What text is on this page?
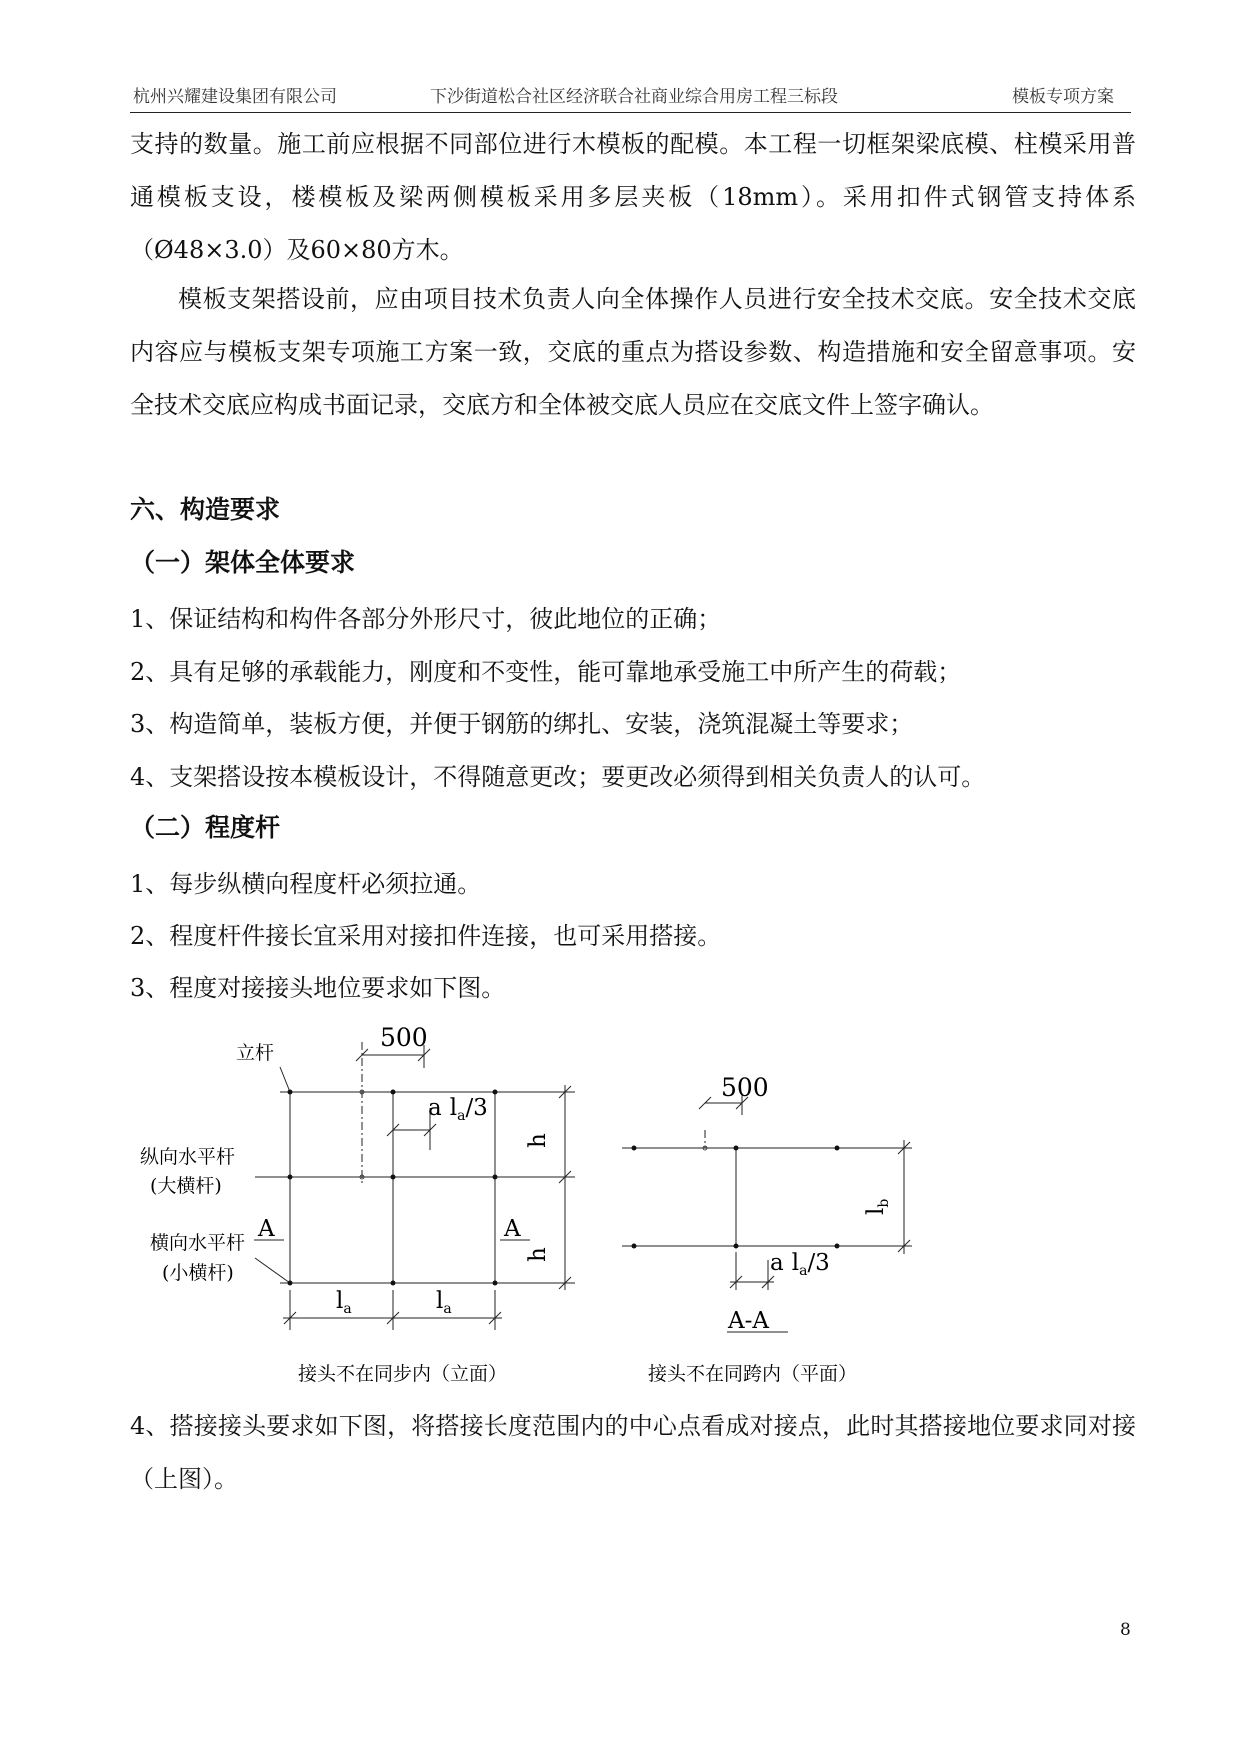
杭州兴耀建设集团有限公司	下沙街道松合社区经济联合社商业综合用房工程三标段	模板专项方案

支持的数量。施工前应根据不同部位进行木模板的配模。本工程一切框架梁底模、柱模采用普通模板支设，楼模板及梁两侧模板采用多层夹板（18mm）。采用扣件式钢管支持体系（Ø48×3.0）及60×80方木。

模板支架搭设前，应由项目技术负责人向全体操作人员进行安全技术交底。安全技术交底内容应与模板支架专项施工方案一致，交底的重点为搭设参数、构造措施和安全留意事项。安全技术交底应构成书面记录，交底方和全体被交底人员应在交底文件上签字确认。

六、构造要求
（一）架体全体要求
1、保证结构和构件各部分外形尺寸，彼此地位的正确；
2、具有足够的承载能力，刚度和不变性，能可靠地承受施工中所产生的荷载；
3、构造简单，装板方便，并便于钢筋的绑扎、安装，浇筑混凝土等要求；
4、支架搭设按本模板设计，不得随意更改；要更改必须得到相关负责人的认可。
（二）程度杆
1、每步纵横向程度杆必须拉通。
2、程度杆件接长宜采用对接扣件连接，也可采用搭接。
3、程度对接接头地位要求如下图。
立杆
纵向水平杆
(大横杆)
横向水平杆
(小横杆)
500
a $l_a/3$
h
h
$l_a$	$l_a$
A	A
接头不在同步内（立面）
500
$l_b$
a $l_a/3$
A-A
接头不在同跨内（平面）

4、搭接接头要求如下图，将搭接长度范围内的中心点看成对接点，此时其搭接地位要求同对接（上图）。

8
